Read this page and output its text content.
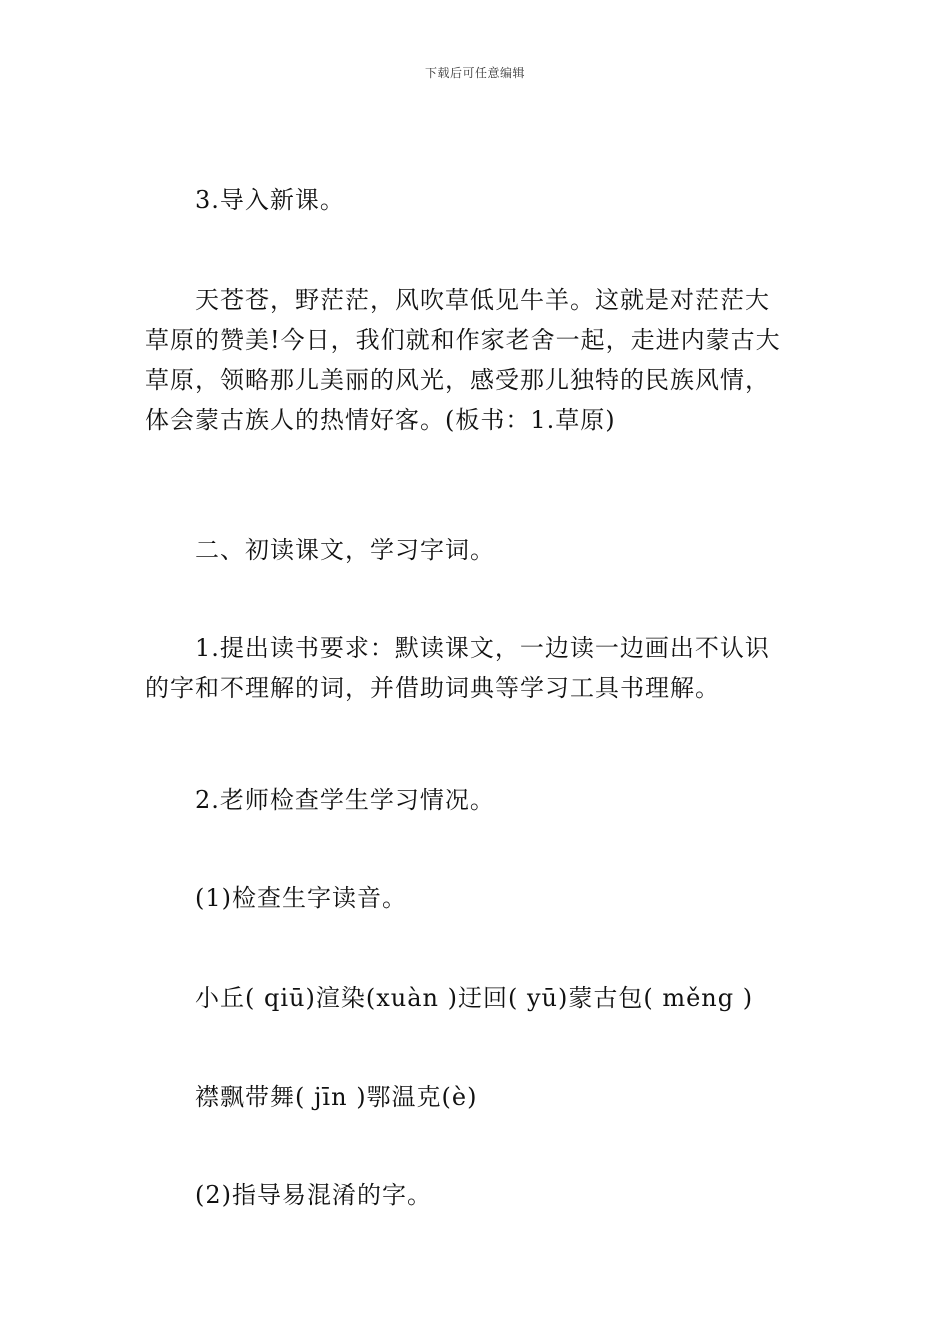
下载后可任意编辑
3.导入新课。
天苍苍，野茫茫，风吹草低见牛羊。这就是对茫茫大
草原的赞美!今日，我们就和作家老舍一起，走进内蒙古大
草原，领略那儿美丽的风光，感受那儿独特的民族风情，
体会蒙古族人的热情好客。(板书：1.草原)
二、初读课文，学习字词。
1.提出读书要求：默读课文，一边读一边画出不认识
的字和不理解的词，并借助词典等学习工具书理解。
2.老师检查学生学习情况。
(1)检查生字读音。
小丘( qiū)渲染(xuàn )迂回( yū)蒙古包( měng )
襟飘带舞( jīn )鄂温克(è)
(2)指导易混淆的字。
